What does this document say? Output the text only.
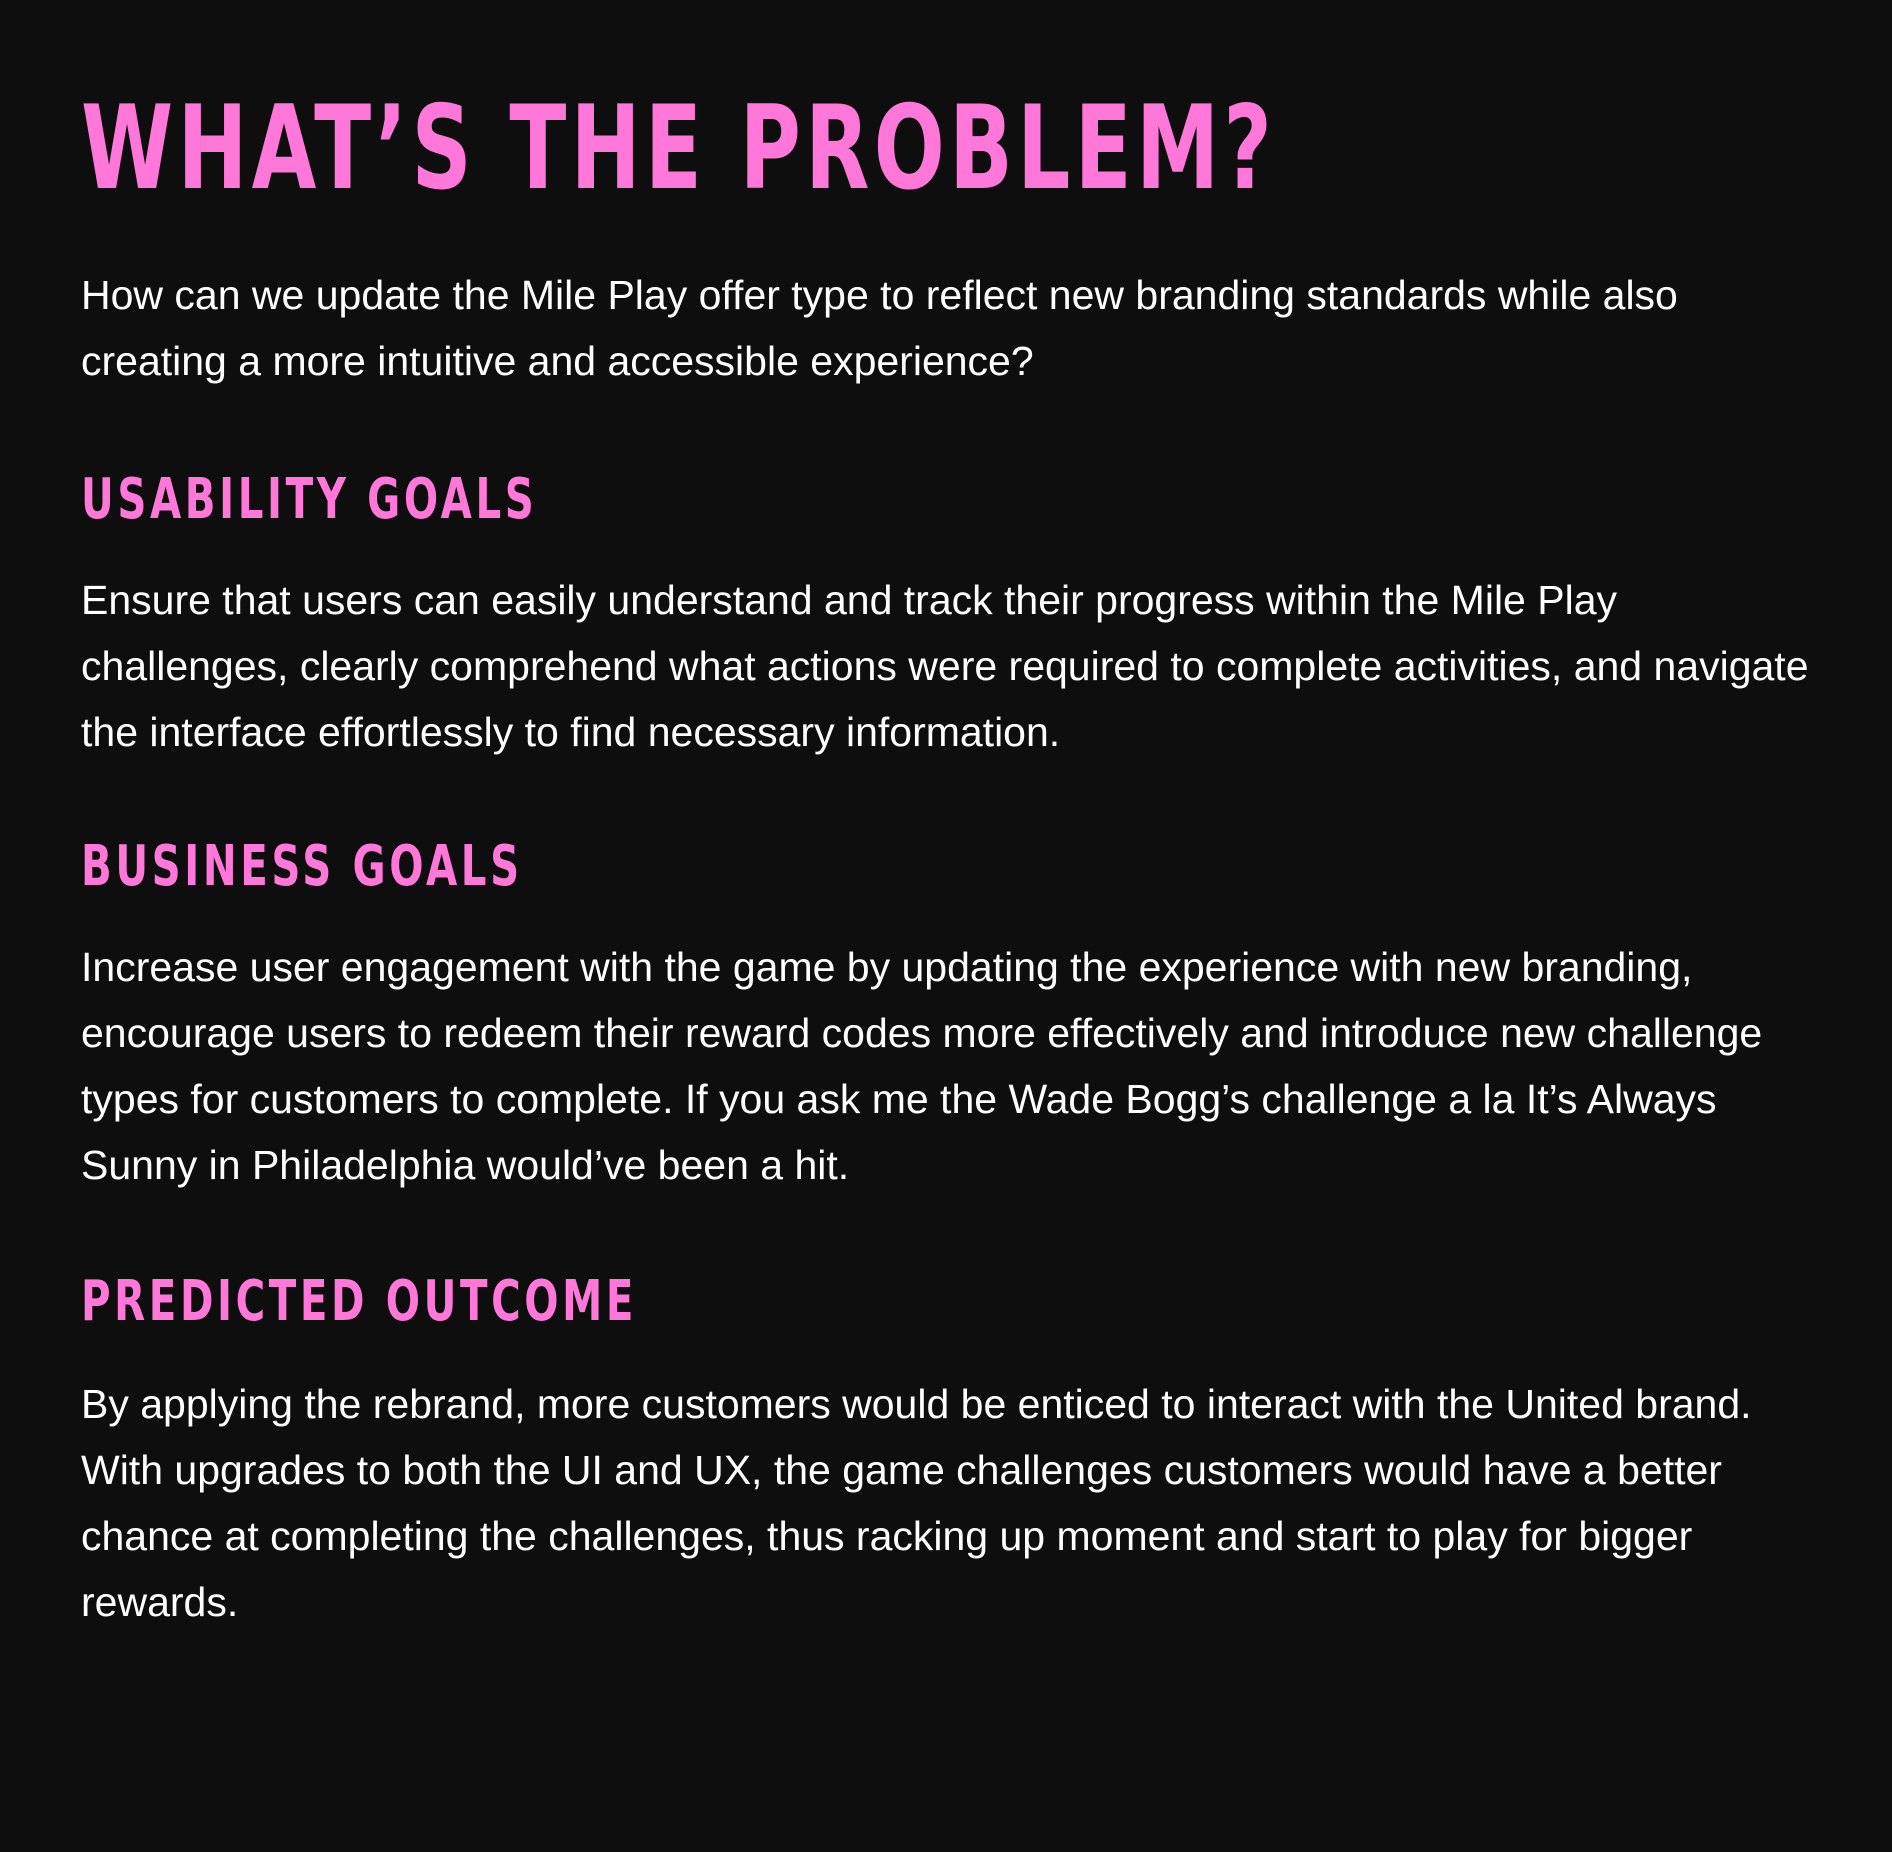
WHAT’S THE PROBLEM?

How can we update the Mile Play offer type to reflect new branding standards while also creating a more intuitive and accessible experience?

USABILITY GOALS

Ensure that users can easily understand and track their progress within the Mile Play challenges, clearly comprehend what actions were required to complete activities, and navigate the interface effortlessly to find necessary information.

BUSINESS GOALS

Increase user engagement with the game by updating the experience with new branding, encourage users to redeem their reward codes more effectively and introduce new challenge types for customers to complete. If you ask me the Wade Bogg’s challenge a la It’s Always Sunny in Philadelphia would’ve been a hit.

PREDICTED OUTCOME

By applying the rebrand, more customers would be enticed to interact with the United brand. With upgrades to both the UI and UX, the game challenges customers would have a better chance at completing the challenges, thus racking up moment and start to play for bigger rewards.
